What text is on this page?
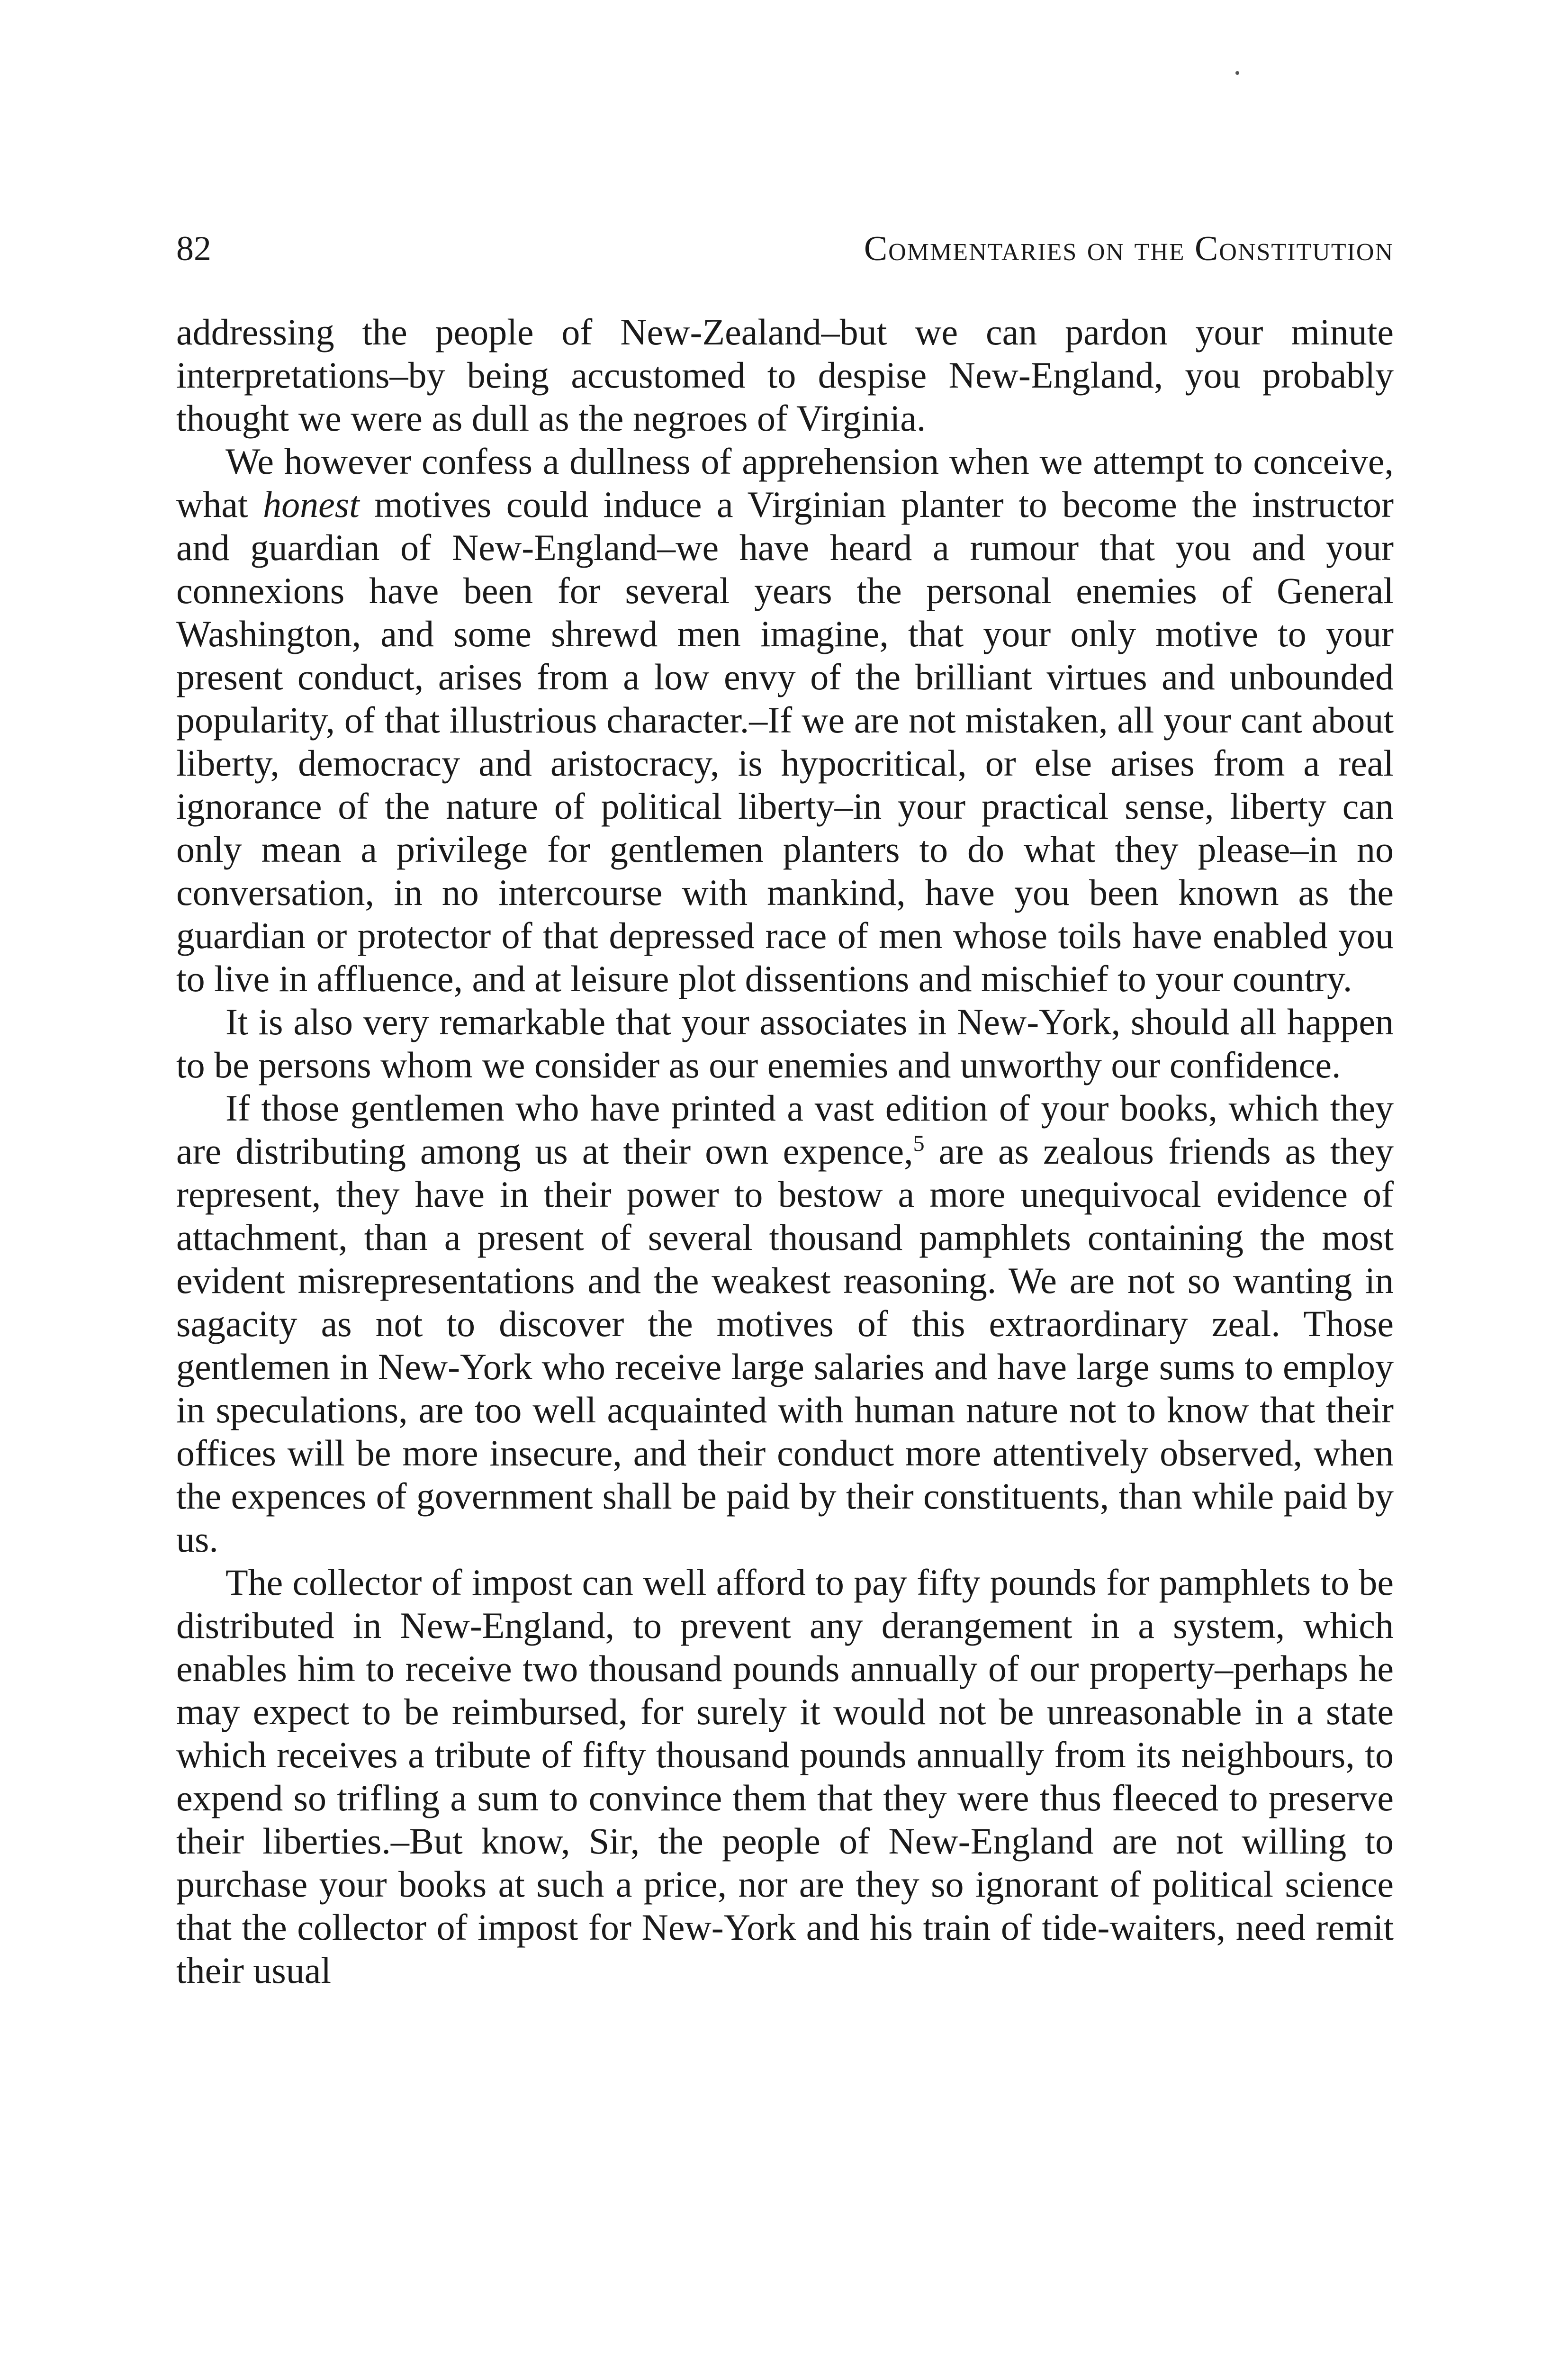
82	Commentaries on the Constitution

addressing the people of New-Zealand–but we can pardon your minute interpretations–by being accustomed to despise New-England, you probably thought we were as dull as the negroes of Virginia.

We however confess a dullness of apprehension when we attempt to conceive, what honest motives could induce a Virginian planter to become the instructor and guardian of New-England–we have heard a rumour that you and your connexions have been for several years the personal enemies of General Washington, and some shrewd men imagine, that your only motive to your present conduct, arises from a low envy of the brilliant virtues and unbounded popularity, of that illustrious character.–If we are not mistaken, all your cant about liberty, democracy and aristocracy, is hypocritical, or else arises from a real ignorance of the nature of political liberty–in your practical sense, liberty can only mean a privilege for gentlemen planters to do what they please–in no conversation, in no intercourse with mankind, have you been known as the guardian or protector of that depressed race of men whose toils have enabled you to live in affluence, and at leisure plot dissentions and mischief to your country.

It is also very remarkable that your associates in New-York, should all happen to be persons whom we consider as our enemies and unworthy our confidence.

If those gentlemen who have printed a vast edition of your books, which they are distributing among us at their own expence,$^5$ are as zealous friends as they represent, they have in their power to bestow a more unequivocal evidence of attachment, than a present of several thousand pamphlets containing the most evident misrepresentations and the weakest reasoning. We are not so wanting in sagacity as not to discover the motives of this extraordinary zeal. Those gentlemen in New-York who receive large salaries and have large sums to employ in speculations, are too well acquainted with human nature not to know that their offices will be more insecure, and their conduct more attentively observed, when the expences of government shall be paid by their constituents, than while paid by us.

The collector of impost can well afford to pay fifty pounds for pamphlets to be distributed in New-England, to prevent any derangement in a system, which enables him to receive two thousand pounds annually of our property–perhaps he may expect to be reimbursed, for surely it would not be unreasonable in a state which receives a tribute of fifty thousand pounds annually from its neighbours, to expend so trifling a sum to convince them that they were thus fleeced to preserve their liberties.–But know, Sir, the people of New-England are not willing to purchase your books at such a price, nor are they so ignorant of political science that the collector of impost for New-York and his train of tide-waiters, need remit their usual
